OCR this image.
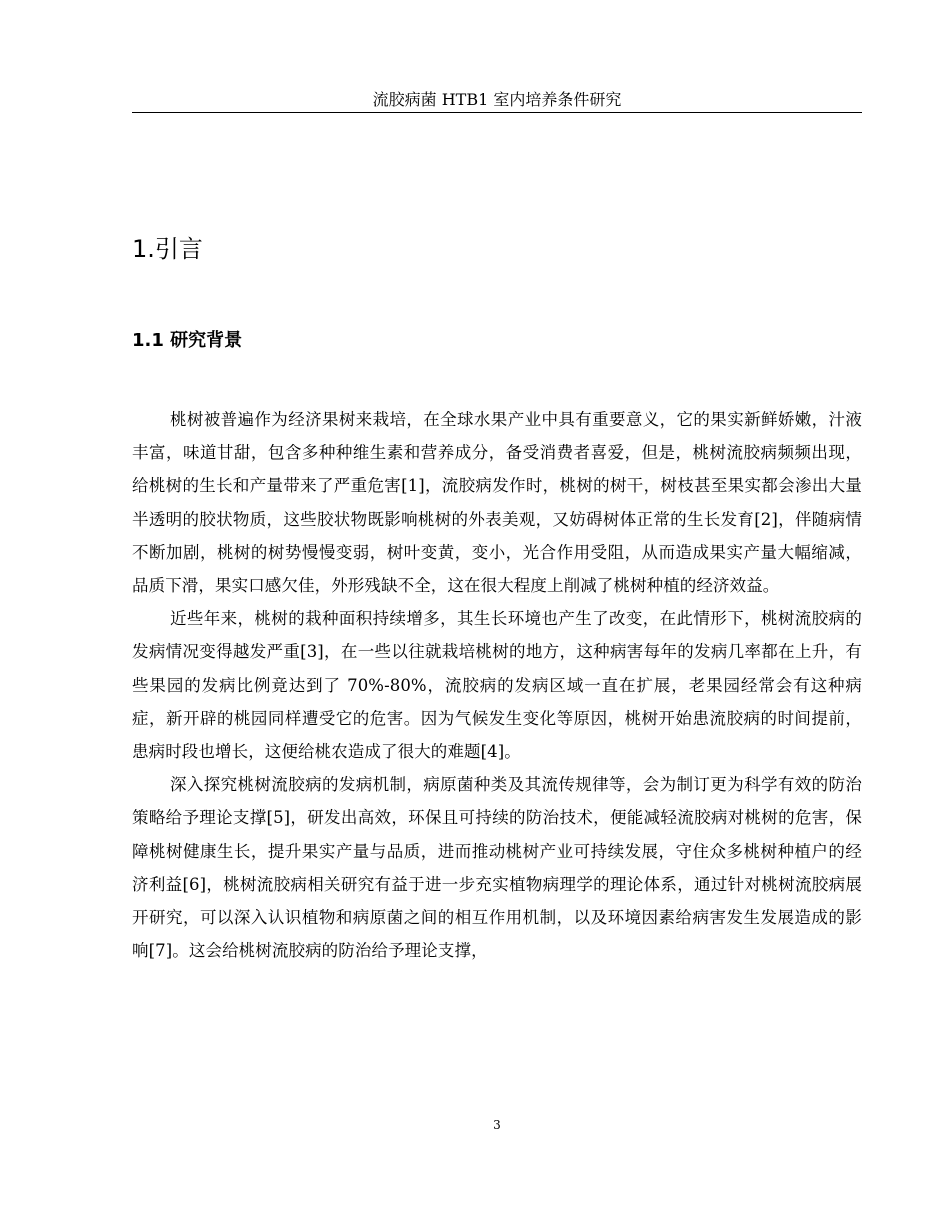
流胶病菌 HTB1 室内培养条件研究
1.引言
1.1 研究背景

桃树被普遍作为经济果树来栽培，在全球水果产业中具有重要意义，它的果实新鲜娇嫩，汁液丰富，味道甘甜，包含多种种维生素和营养成分，备受消费者喜爱，但是，桃树流胶病频频出现，给桃树的生长和产量带来了严重危害[1]，流胶病发作时，桃树的树干，树枝甚至果实都会渗出大量半透明的胶状物质，这些胶状物既影响桃树的外表美观，又妨碍树体正常的生长发育[2]，伴随病情不断加剧，桃树的树势慢慢变弱，树叶变黄，变小，光合作用受阻，从而造成果实产量大幅缩减，品质下滑，果实口感欠佳，外形残缺不全，这在很大程度上削减了桃树种植的经济效益。

近些年来，桃树的栽种面积持续增多，其生长环境也产生了改变，在此情形下，桃树流胶病的发病情况变得越发严重[3]，在一些以往就栽培桃树的地方，这种病害每年的发病几率都在上升，有些果园的发病比例竟达到了 70%-80%，流胶病的发病区域一直在扩展，老果园经常会有这种病症，新开辟的桃园同样遭受它的危害。因为气候发生变化等原因，桃树开始患流胶病的时间提前，患病时段也增长，这便给桃农造成了很大的难题[4]。

深入探究桃树流胶病的发病机制，病原菌种类及其流传规律等，会为制订更为科学有效的防治策略给予理论支撑[5]，研发出高效，环保且可持续的防治技术，便能减轻流胶病对桃树的危害，保障桃树健康生长，提升果实产量与品质，进而推动桃树产业可持续发展，守住众多桃树种植户的经济利益[6]，桃树流胶病相关研究有益于进一步充实植物病理学的理论体系，通过针对桃树流胶病展开研究，可以深入认识植物和病原菌之间的相互作用机制，以及环境因素给病害发生发展造成的影响[7]。这会给桃树流胶病的防治给予理论支撑，

3
